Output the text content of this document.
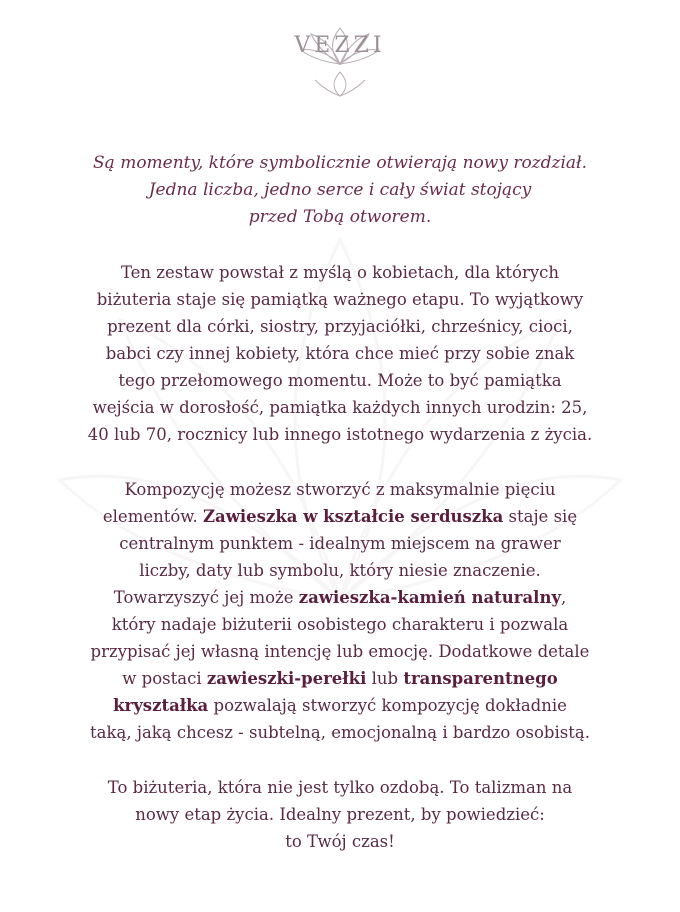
VEZZI

Są momenty, które symbolicznie otwierają nowy rozdział.
Jedna liczba, jedno serce i cały świat stojący
przed Tobą otworem.

Ten zestaw powstał z myślą o kobietach, dla których
biżuteria staje się pamiątką ważnego etapu. To wyjątkowy
prezent dla córki, siostry, przyjaciółki, chrześnicy, cioci,
babci czy innej kobiety, która chce mieć przy sobie znak
tego przełomowego momentu. Może to być pamiątka
wejścia w dorosłość, pamiątka każdych innych urodzin: 25,
40 lub 70, rocznicy lub innego istotnego wydarzenia z życia.

Kompozycję możesz stworzyć z maksymalnie pięciu
elementów. Zawieszka w kształcie serduszka staje się
centralnym punktem - idealnym miejscem na grawer
liczby, daty lub symbolu, który niesie znaczenie.
Towarzyszyć jej może zawieszka-kamień naturalny,
który nadaje biżuterii osobistego charakteru i pozwala
przypisać jej własną intencję lub emocję. Dodatkowe detale
w postaci zawieszki-perełki lub transparentnego
kryształka pozwalają stworzyć kompozycję dokładnie
taką, jaką chcesz - subtelną, emocjonalną i bardzo osobistą.

To biżuteria, która nie jest tylko ozdobą. To talizman na
nowy etap życia. Idealny prezent, by powiedzieć:
to Twój czas!
